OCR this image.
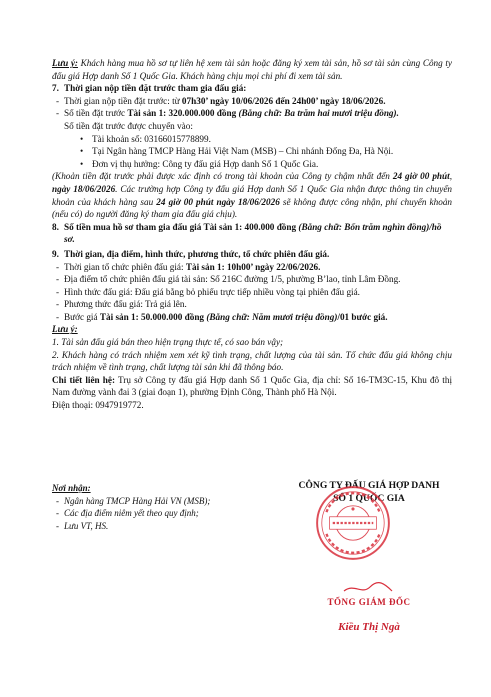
Lưu ý: Khách hàng mua hồ sơ tự liên hệ xem tài sản hoặc đăng ký xem tài sản, hồ sơ tài sản cùng Công ty đấu giá Hợp danh Số 1 Quốc Gia. Khách hàng chịu mọi chi phí đi xem tài sản.

7. Thời gian nộp tiền đặt trước tham gia đấu giá:
- Thời gian nộp tiền đặt trước: từ 07h30’ ngày 10/06/2026 đến 24h00’ ngày 18/06/2026.
- Số tiền đặt trước Tài sản 1: 320.000.000 đồng (Bằng chữ: Ba trăm hai mươi triệu đồng).

Số tiền đặt trước được chuyển vào:

• Tài khoản số: 03166015778899.
• Tại Ngân hàng TMCP Hàng Hải Việt Nam (MSB) – Chi nhánh Đống Đa, Hà Nội.
• Đơn vị thụ hưởng: Công ty đấu giá Hợp danh Số 1 Quốc Gia.

(Khoản tiền đặt trước phải được xác định có trong tài khoản của Công ty chậm nhất đến 24 giờ 00 phút, ngày 18/06/2026. Các trường hợp Công ty đấu giá Hợp danh Số 1 Quốc Gia nhận được thông tin chuyển khoản của khách hàng sau 24 giờ 00 phút ngày 18/06/2026 sẽ không được công nhận, phí chuyển khoản (nếu có) do người đăng ký tham gia đấu giá chịu).

8. Số tiền mua hồ sơ tham gia đấu giá Tài sản 1: 400.000 đồng (Bằng chữ: Bốn trăm nghìn đồng)/hồ sơ.
9. Thời gian, địa điểm, hình thức, phương thức, tổ chức phiên đấu giá.
- Thời gian tổ chức phiên đấu giá: Tài sản 1: 10h00’ ngày 22/06/2026.
- Địa điểm tổ chức phiên đấu giá tài sản: Số 216C đường 1/5, phường B’lao, tỉnh Lâm Đồng.
- Hình thức đấu giá: Đấu giá bằng bỏ phiếu trực tiếp nhiều vòng tại phiên đấu giá.
- Phương thức đấu giá: Trả giá lên.
- Bước giá Tài sản 1: 50.000.000 đồng (Bằng chữ: Năm mươi triệu đồng)/01 bước giá.

Lưu ý:

1. Tài sản đấu giá bán theo hiện trạng thực tế, có sao bán vậy;

2. Khách hàng có trách nhiệm xem xét kỹ tình trạng, chất lượng của tài sản. Tổ chức đấu giá không chịu trách nhiệm về tình trạng, chất lượng tài sản khi đã thông báo.

Chi tiết liên hệ: Trụ sở Công ty đấu giá Hợp danh Số 1 Quốc Gia, địa chỉ: Số 16-TM3C-15, Khu đô thị Nam đường vành đai 3 (giai đoạn 1), phường Định Công, Thành phố Hà Nội.

Điện thoại: 0947919772.

Nơi nhận:
- Ngân hàng TMCP Hàng Hải VN (MSB);
- Các địa điểm niêm yết theo quy định;
- Lưu VT, HS.
CÔNG TY ĐẤU GIÁ HỢP DANH
SỐ 1 QUỐC GIA
TỔNG GIÁM ĐỐC
Kiều Thị Ngà
